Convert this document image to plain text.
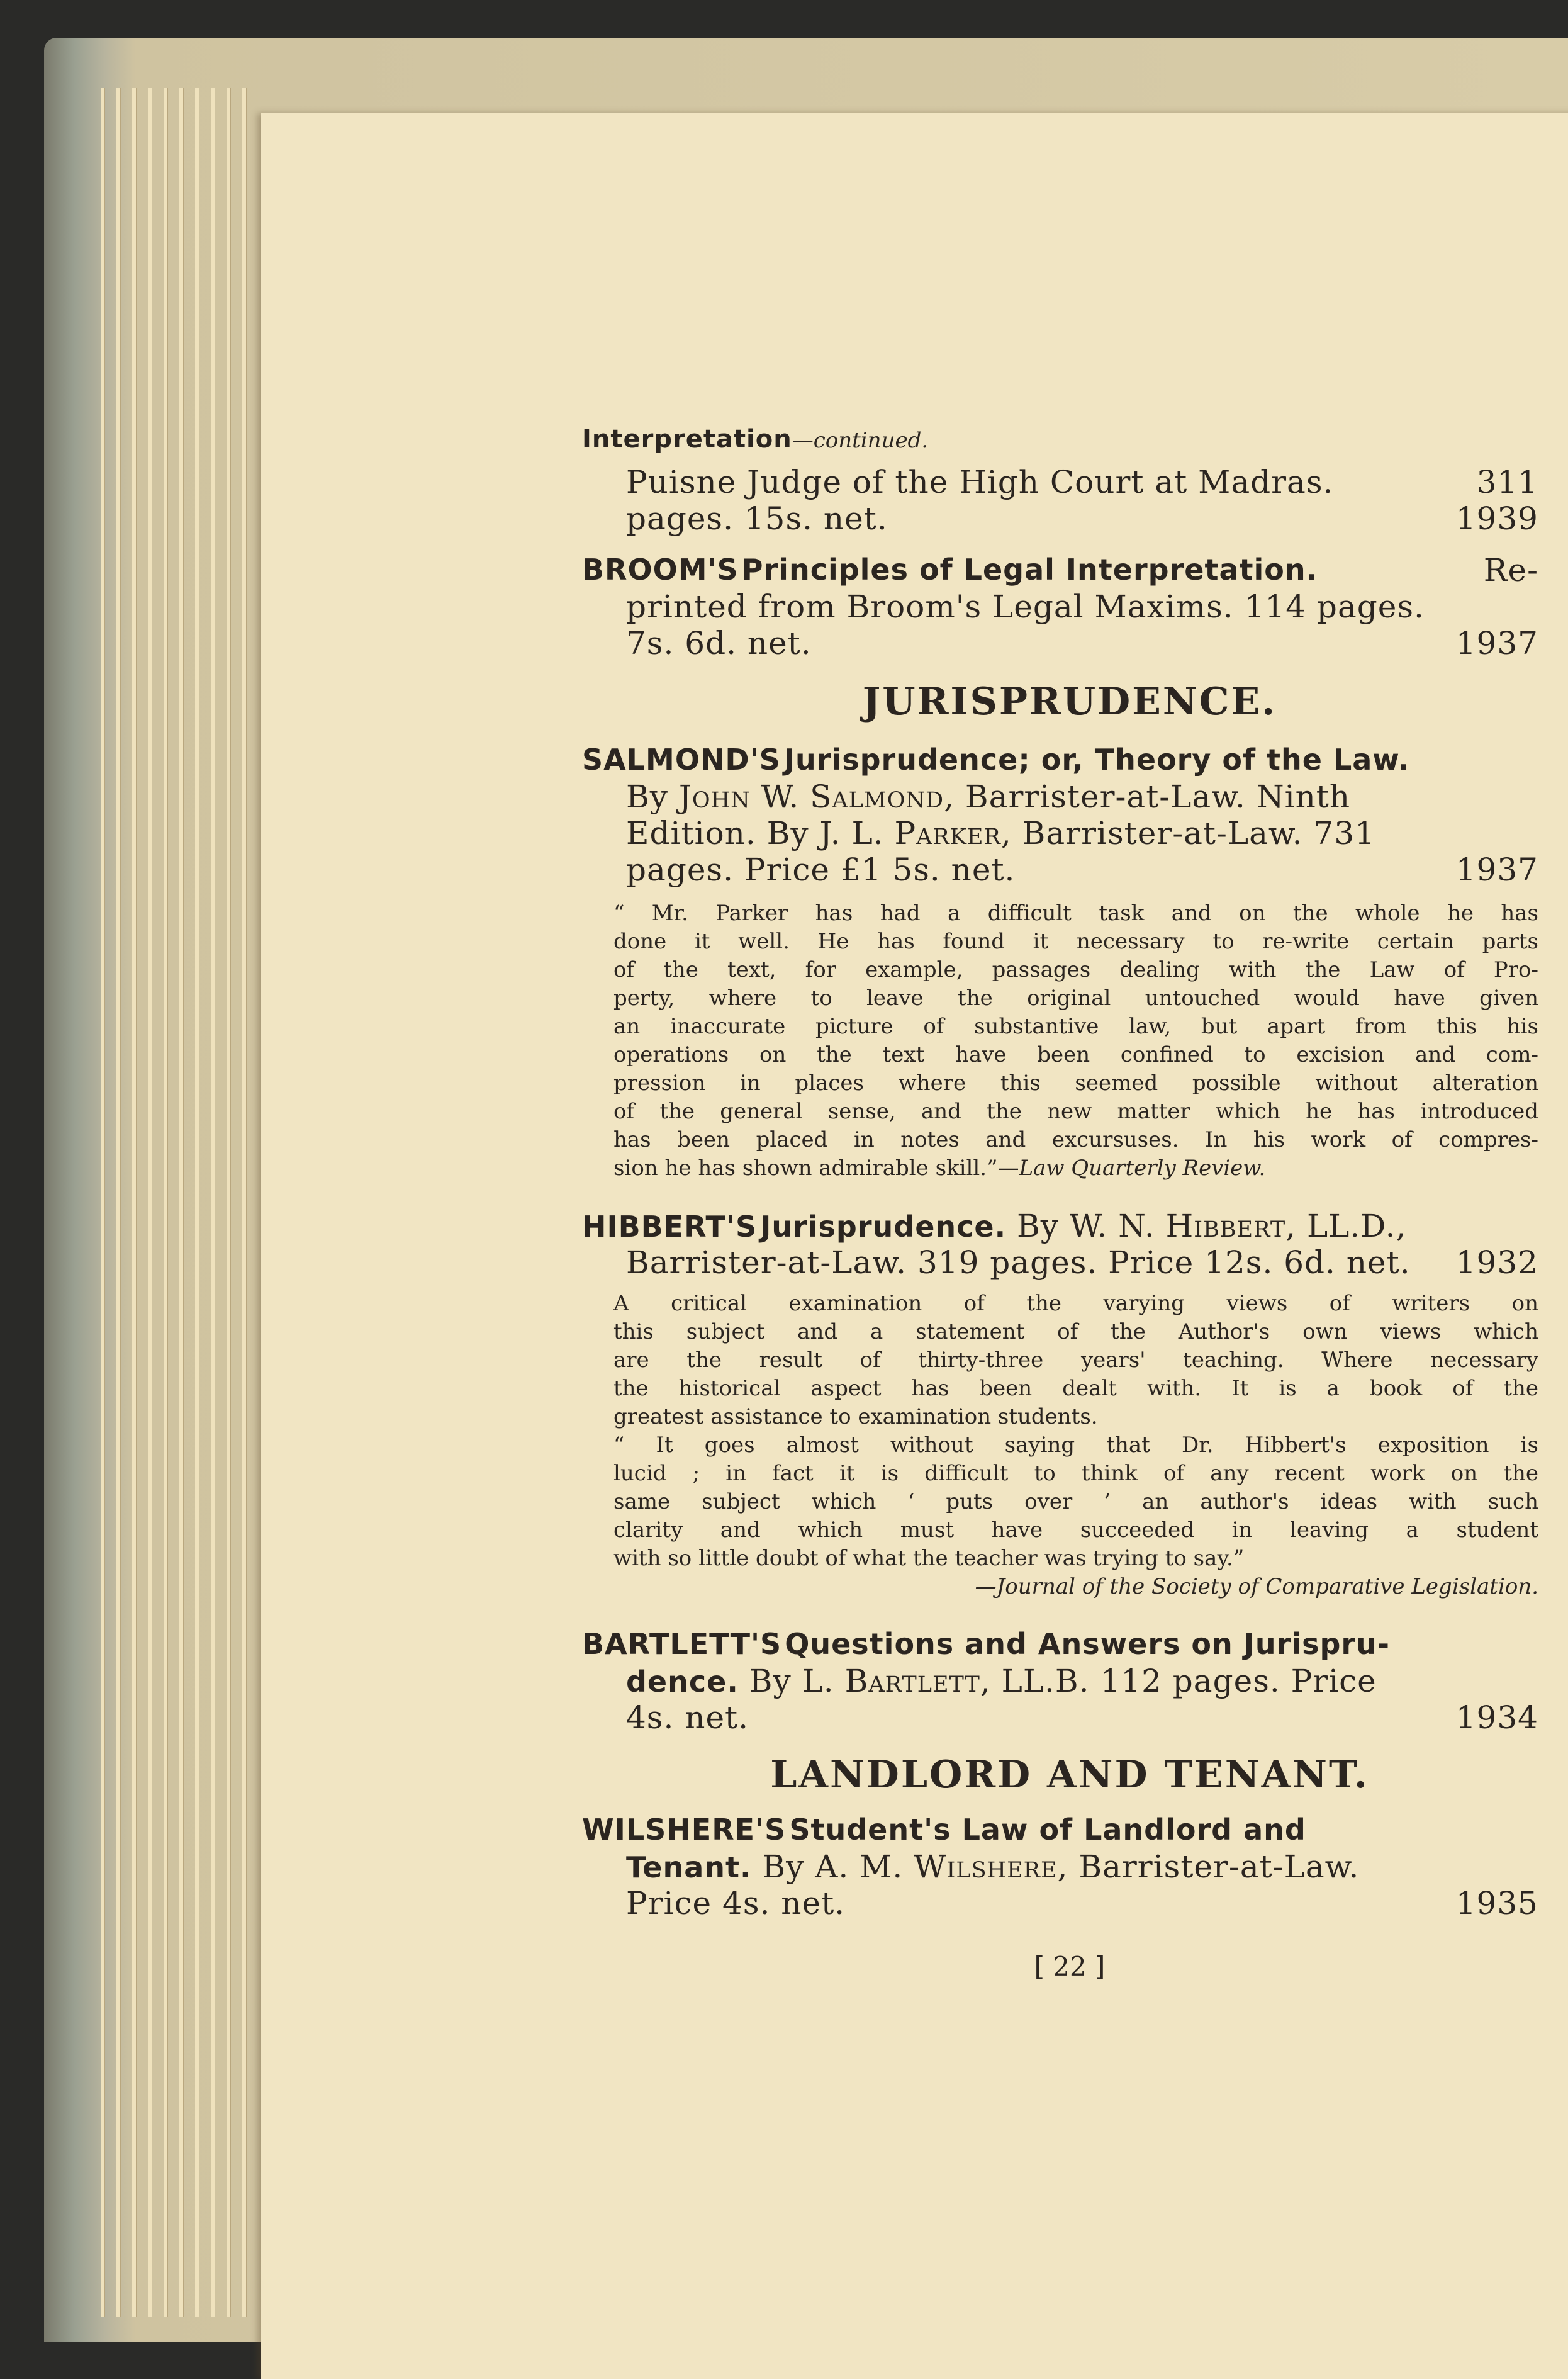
Interpretation—continued.
Puisne Judge of the High Court at Madras.	311
pages. 15s. net.	1939
BROOM'S Principles of Legal Interpretation.	Re-
printed from Broom's Legal Maxims. 114 pages.
7s. 6d. net.	1937
JURISPRUDENCE.
SALMOND'S Jurisprudence; or, Theory of the Law.
By John W. Salmond, Barrister-at-Law. Ninth
Edition. By J. L. Parker, Barrister-at-Law. 731
pages. Price £1 5s. net.	1937
“ Mr. Parker has had a difficult task and on the whole he has
done it well. He has found it necessary to re-write certain parts
of the text, for example, passages dealing with the Law of Pro-
perty, where to leave the original untouched would have given
an inaccurate picture of substantive law, but apart from this his
operations on the text have been confined to excision and com-
pression in places where this seemed possible without alteration
of the general sense, and the new matter which he has introduced
has been placed in notes and excursuses. In his work of compres-
sion he has shown admirable skill.”—Law Quarterly Review.
HIBBERT'S Jurisprudence. By W. N. Hibbert, LL.D.,
Barrister-at-Law. 319 pages. Price 12s. 6d. net. 1932
A critical examination of the varying views of writers on
this subject and a statement of the Author's own views which
are the result of thirty-three years' teaching. Where necessary
the historical aspect has been dealt with. It is a book of the
greatest assistance to examination students.
“ It goes almost without saying that Dr. Hibbert's exposition is
lucid ; in fact it is difficult to think of any recent work on the
same subject which ‘ puts over ’ an author's ideas with such
clarity and which must have succeeded in leaving a student
with so little doubt of what the teacher was trying to say.”
—Journal of the Society of Comparative Legislation.
BARTLETT'S Questions and Answers on Jurispru-
dence. By L. Bartlett, LL.B. 112 pages. Price
4s. net.	1934
LANDLORD AND TENANT.
WILSHERE'S Student's Law of Landlord and
Tenant. By A. M. Wilshere, Barrister-at-Law.
Price 4s. net.	1935
[ 22 ]
